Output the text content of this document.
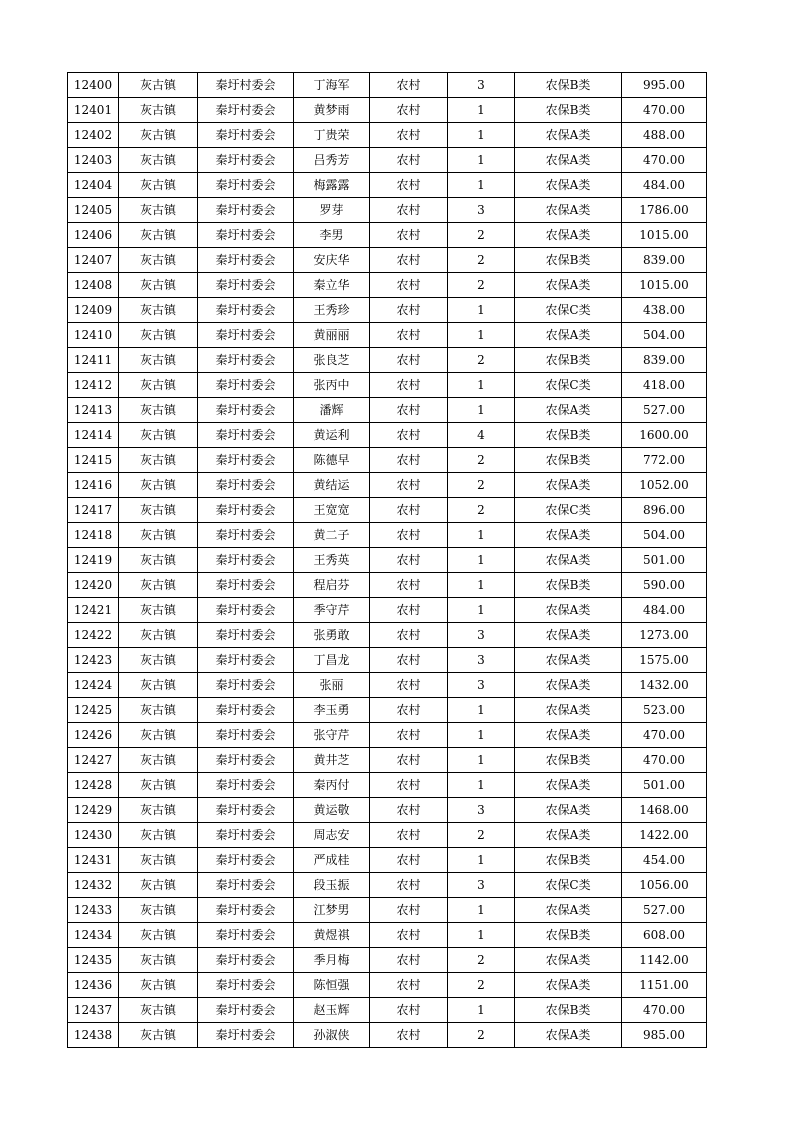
12400	灰古镇	秦圩村委会	丁海军	农村	3	农保B类	995.00
12401	灰古镇	秦圩村委会	黄梦雨	农村	1	农保B类	470.00
12402	灰古镇	秦圩村委会	丁贵荣	农村	1	农保A类	488.00
12403	灰古镇	秦圩村委会	吕秀芳	农村	1	农保A类	470.00
12404	灰古镇	秦圩村委会	梅露露	农村	1	农保A类	484.00
12405	灰古镇	秦圩村委会	罗芽	农村	3	农保A类	1786.00
12406	灰古镇	秦圩村委会	李男	农村	2	农保A类	1015.00
12407	灰古镇	秦圩村委会	安庆华	农村	2	农保B类	839.00
12408	灰古镇	秦圩村委会	秦立华	农村	2	农保A类	1015.00
12409	灰古镇	秦圩村委会	王秀珍	农村	1	农保C类	438.00
12410	灰古镇	秦圩村委会	黄丽丽	农村	1	农保A类	504.00
12411	灰古镇	秦圩村委会	张良芝	农村	2	农保B类	839.00
12412	灰古镇	秦圩村委会	张丙中	农村	1	农保C类	418.00
12413	灰古镇	秦圩村委会	潘辉	农村	1	农保A类	527.00
12414	灰古镇	秦圩村委会	黄运利	农村	4	农保B类	1600.00
12415	灰古镇	秦圩村委会	陈德早	农村	2	农保B类	772.00
12416	灰古镇	秦圩村委会	黄结运	农村	2	农保A类	1052.00
12417	灰古镇	秦圩村委会	王宽宽	农村	2	农保C类	896.00
12418	灰古镇	秦圩村委会	黄二子	农村	1	农保A类	504.00
12419	灰古镇	秦圩村委会	王秀英	农村	1	农保A类	501.00
12420	灰古镇	秦圩村委会	程启芬	农村	1	农保B类	590.00
12421	灰古镇	秦圩村委会	季守芹	农村	1	农保A类	484.00
12422	灰古镇	秦圩村委会	张勇敢	农村	3	农保A类	1273.00
12423	灰古镇	秦圩村委会	丁昌龙	农村	3	农保A类	1575.00
12424	灰古镇	秦圩村委会	张丽	农村	3	农保A类	1432.00
12425	灰古镇	秦圩村委会	李玉勇	农村	1	农保A类	523.00
12426	灰古镇	秦圩村委会	张守芹	农村	1	农保A类	470.00
12427	灰古镇	秦圩村委会	黄井芝	农村	1	农保B类	470.00
12428	灰古镇	秦圩村委会	秦丙付	农村	1	农保A类	501.00
12429	灰古镇	秦圩村委会	黄运敬	农村	3	农保A类	1468.00
12430	灰古镇	秦圩村委会	周志安	农村	2	农保A类	1422.00
12431	灰古镇	秦圩村委会	严成桂	农村	1	农保B类	454.00
12432	灰古镇	秦圩村委会	段玉振	农村	3	农保C类	1056.00
12433	灰古镇	秦圩村委会	江梦男	农村	1	农保A类	527.00
12434	灰古镇	秦圩村委会	黄煜祺	农村	1	农保B类	608.00
12435	灰古镇	秦圩村委会	季月梅	农村	2	农保A类	1142.00
12436	灰古镇	秦圩村委会	陈恒强	农村	2	农保A类	1151.00
12437	灰古镇	秦圩村委会	赵玉辉	农村	1	农保B类	470.00
12438	灰古镇	秦圩村委会	孙淑侠	农村	2	农保A类	985.00
